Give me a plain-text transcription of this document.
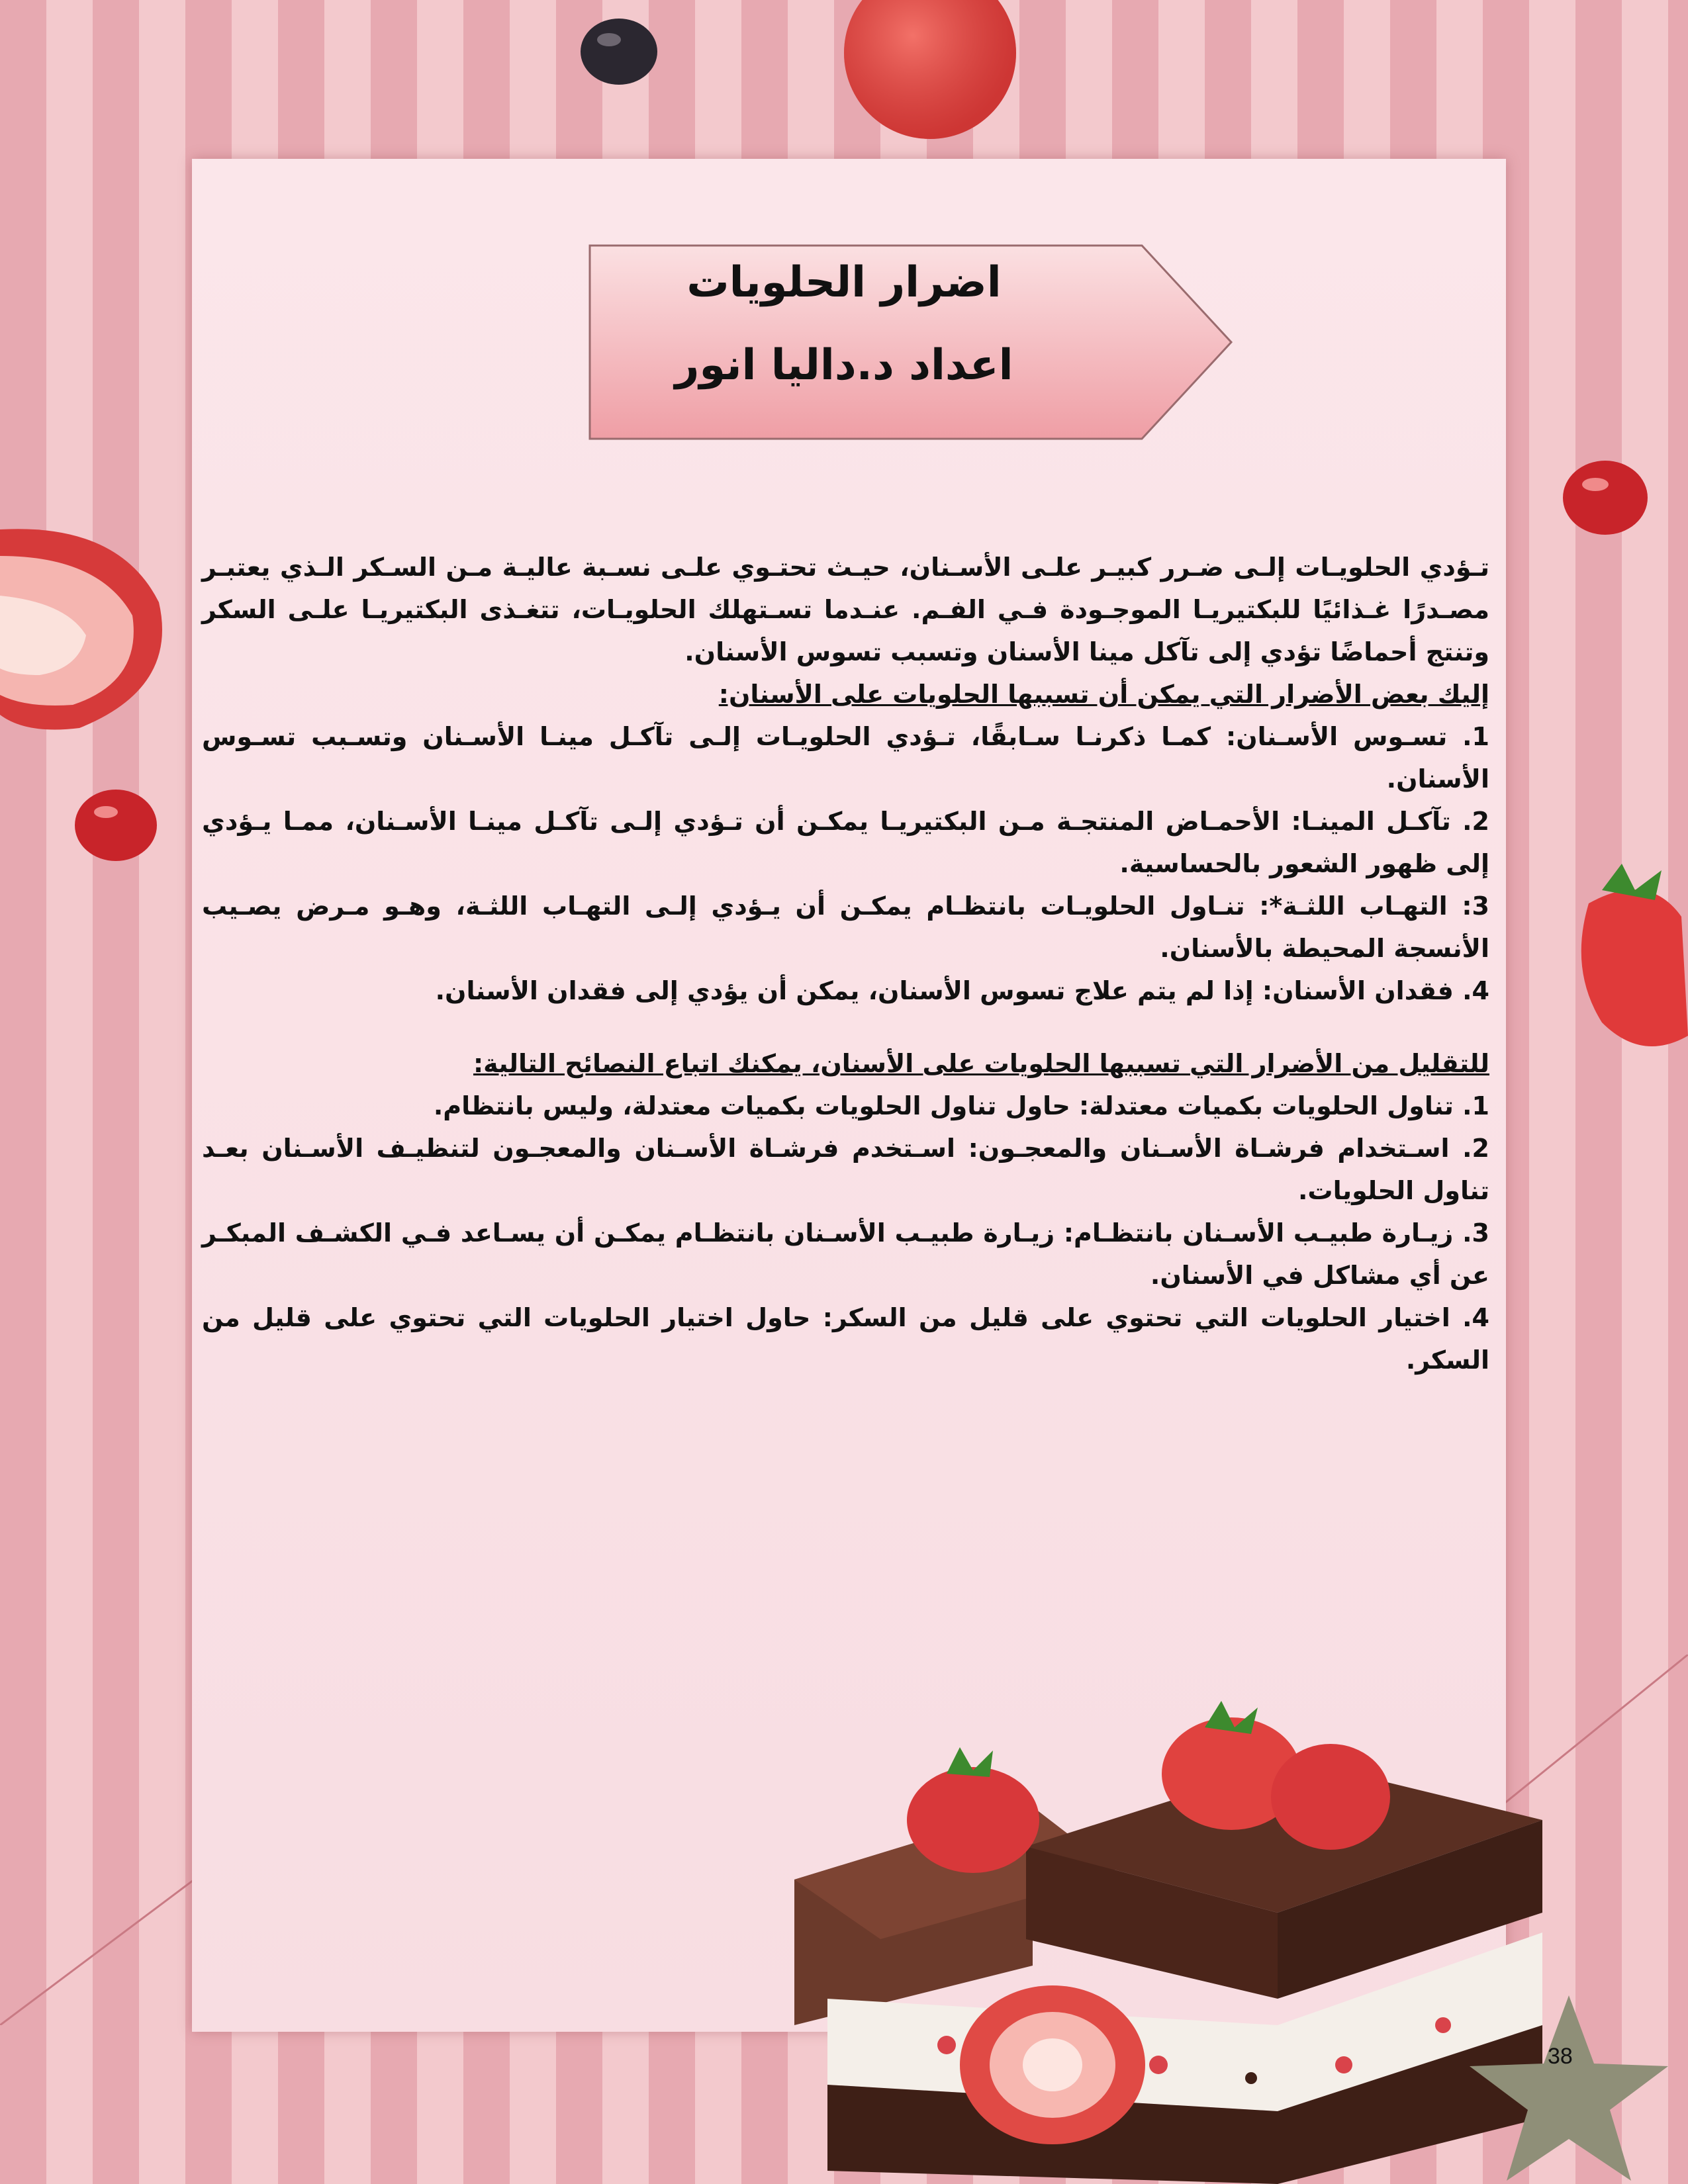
اضرار الحلويات
اعداد د.داليا انور

تـؤدي الحلويـات إلـى ضـرر كبيـر علـى الأسـنان، حيـث تحتـوي علـى نسـبة عاليـة مـن السـكر الـذي يعتبـر مصـدرًا غـذائيًا للبكتيريـا الموجـودة فـي الفـم. عنـدما تسـتهلك الحلويـات، تتغـذى البكتيريـا علـى السكر وتنتج أحماضًا تؤدي إلى تآكل مينا الأسنان وتسبب تسوس الأسنان.

إليك بعض الأضرار التي يمكن أن تسببها الحلويات على الأسنان:

1. تسـوس الأسـنان: كمـا ذكرنـا سـابقًا، تـؤدي الحلويـات إلـى تآكـل مينـا الأسـنان وتسـبب تسـوس الأسنان.

2. تآكـل المينـا: الأحمـاض المنتجـة مـن البكتيريـا يمكـن أن تـؤدي إلـى تآكـل مينـا الأسـنان، ممـا يـؤدي إلى ظهور الشعور بالحساسية.

3: التهـاب اللثـة*: تنـاول الحلويـات بانتظـام يمكـن أن يـؤدي إلـى التهـاب اللثـة، وهـو مـرض يصـيب الأنسجة المحيطة بالأسنان.

4. فقدان الأسنان: إذا لم يتم علاج تسوس الأسنان، يمكن أن يؤدي إلى فقدان الأسنان.

للتقليل من الأضرار التي تسببها الحلويات على الأسنان، يمكنك اتباع النصائح التالية:

1. تناول الحلويات بكميات معتدلة: حاول تناول الحلويات بكميات معتدلة، وليس بانتظام.

2. اسـتخدام فرشـاة الأسـنان والمعجـون: اسـتخدم فرشـاة الأسـنان والمعجـون لتنظيـف الأسـنان بعـد تناول الحلويات.

3. زيـارة طبيـب الأسـنان بانتظـام: زيـارة طبيـب الأسـنان بانتظـام يمكـن أن يسـاعد فـي الكشـف المبكـر عن أي مشاكل في الأسنان.

4. اختيار الحلويات التي تحتوي على قليل من السكر: حاول اختيار الحلويات التي تحتوي على قليل من السكر.

38
